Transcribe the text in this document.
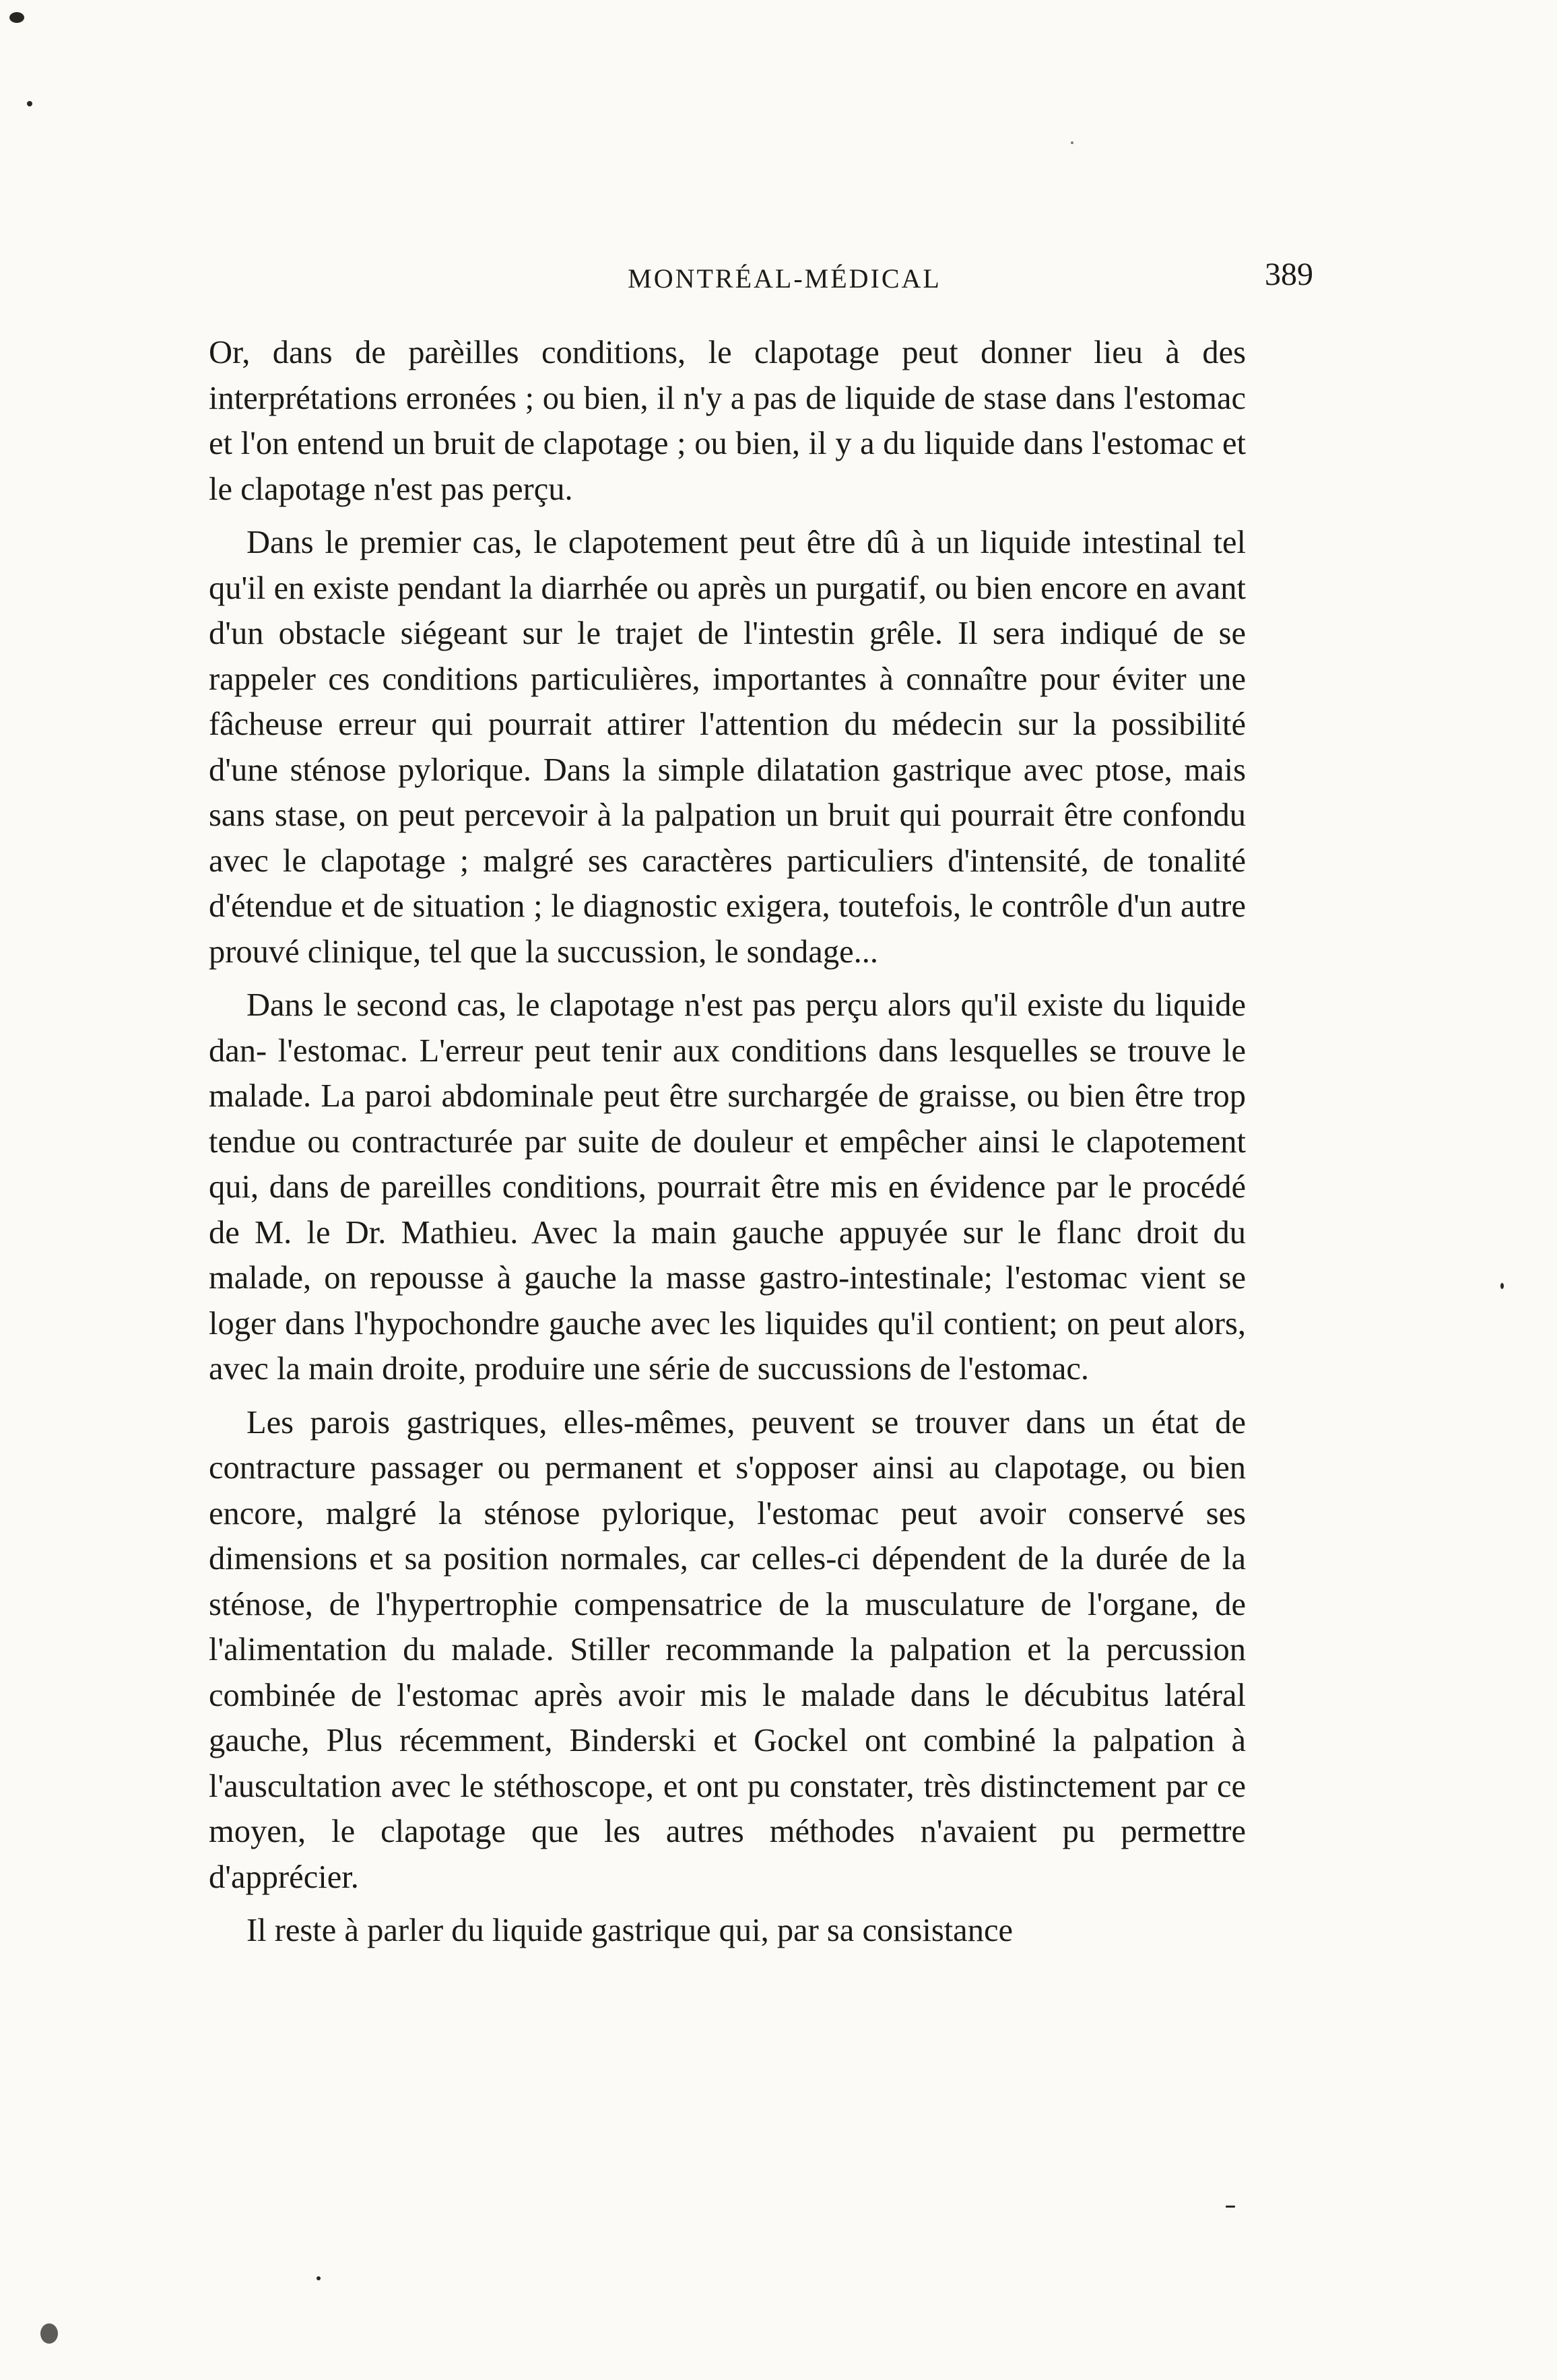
MONTRÉAL-MÉDICAL	389

Or, dans de parèilles conditions, le clapotage peut donner lieu à des interprétations erronées ; ou bien, il n'y a pas de liquide de stase dans l'estomac et l'on entend un bruit de clapotage ; ou bien, il y a du liquide dans l'estomac et le clapotage n'est pas perçu.

Dans le premier cas, le clapotement peut être dû à un liquide intestinal tel qu'il en existe pendant la diarrhée ou après un purgatif, ou bien encore en avant d'un obstacle siégeant sur le trajet de l'intestin grêle. Il sera indiqué de se rappeler ces conditions particulières, importantes à connaître pour éviter une fâcheuse erreur qui pourrait attirer l'attention du médecin sur la possibilité d'une sténose pylorique. Dans la simple dilatation gastrique avec ptose, mais sans stase, on peut percevoir à la palpation un bruit qui pourrait être confondu avec le clapotage ; malgré ses caractères particuliers d'intensité, de tonalité d'étendue et de situation ; le diagnostic exigera, toutefois, le contrôle d'un autre prouvé clinique, tel que la succussion, le sondage...

Dans le second cas, le clapotage n'est pas perçu alors qu'il existe du liquide dan- l'estomac. L'erreur peut tenir aux conditions dans lesquelles se trouve le malade. La paroi abdominale peut être surchargée de graisse, ou bien être trop tendue ou contracturée par suite de douleur et empêcher ainsi le clapotement qui, dans de pareilles conditions, pourrait être mis en évidence par le procédé de M. le Dr. Mathieu. Avec la main gauche appuyée sur le flanc droit du malade, on repousse à gauche la masse gastro-intestinale; l'estomac vient se loger dans l'hypochondre gauche avec les liquides qu'il contient; on peut alors, avec la main droite, produire une série de succussions de l'estomac.

Les parois gastriques, elles-mêmes, peuvent se trouver dans un état de contracture passager ou permanent et s'opposer ainsi au clapotage, ou bien encore, malgré la sténose pylorique, l'estomac peut avoir conservé ses dimensions et sa position normales, car celles-ci dépendent de la durée de la sténose, de l'hypertrophie compensatrice de la musculature de l'organe, de l'alimentation du malade. Stiller recommande la palpation et la percussion combinée de l'estomac après avoir mis le malade dans le décubitus latéral gauche, Plus récemment, Binderski et Gockel ont combiné la palpation à l'auscultation avec le stéthoscope, et ont pu constater, très distinctement par ce moyen, le clapotage que les autres méthodes n'avaient pu permettre d'apprécier.

Il reste à parler du liquide gastrique qui, par sa consistance
